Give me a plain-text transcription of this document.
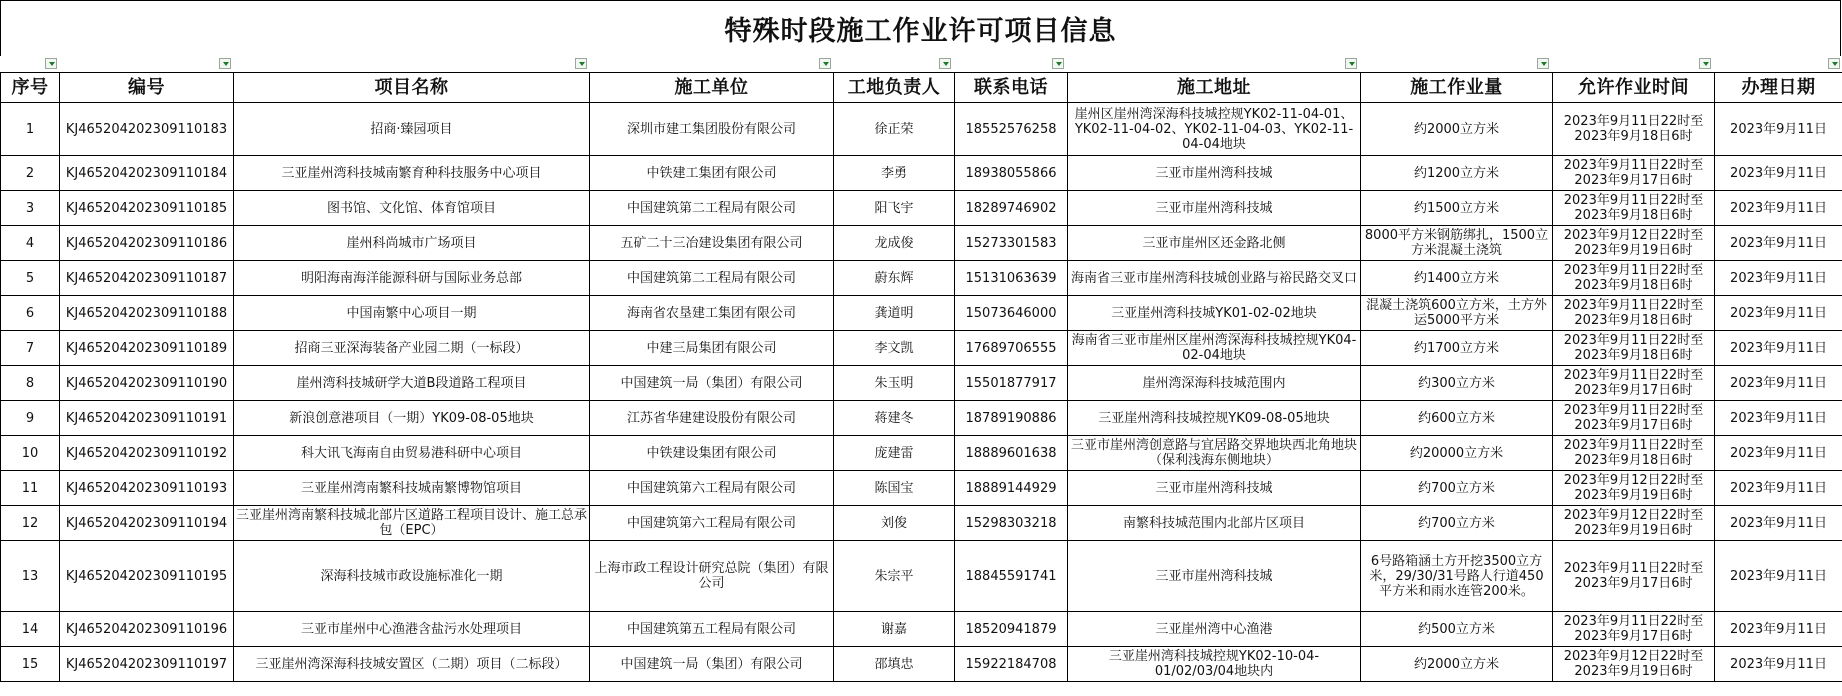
特殊时段施工作业许可项目信息
序号	编号	项目名称	施工单位	工地负责人	联系电话	施工地址	施工作业量	允许作业时间	办理日期
1	KJ465204202309110183	招商·臻园项目	深圳市建工集团股份有限公司	徐正荣	18552576258	崖州区崖州湾深海科技城控规YK02-11-04-01、YK02-11-04-02、YK02-11-04-03、YK02-11-04-04地块	约2000立方米	2023年9月11日22时至2023年9月18日6时	2023年9月11日
2	KJ465204202309110184	三亚崖州湾科技城南繁育种科技服务中心项目	中铁建工集团有限公司	李勇	18938055866	三亚市崖州湾科技城	约1200立方米	2023年9月11日22时至2023年9月17日6时	2023年9月11日
3	KJ465204202309110185	图书馆、文化馆、体育馆项目	中国建筑第二工程局有限公司	阳飞宇	18289746902	三亚市崖州湾科技城	约1500立方米	2023年9月11日22时至2023年9月18日6时	2023年9月11日
4	KJ465204202309110186	崖州科尚城市广场项目	五矿二十三冶建设集团有限公司	龙成俊	15273301583	三亚市崖州区还金路北侧	8000平方米钢筋绑扎，1500立方米混凝土浇筑	2023年9月12日22时至2023年9月19日6时	2023年9月11日
5	KJ465204202309110187	明阳海南海洋能源科研与国际业务总部	中国建筑第二工程局有限公司	蔚东辉	15131063639	海南省三亚市崖州湾科技城创业路与裕民路交叉口	约1400立方米	2023年9月11日22时至2023年9月18日6时	2023年9月11日
6	KJ465204202309110188	中国南繁中心项目一期	海南省农垦建工集团有限公司	龚道明	15073646000	三亚崖州湾科技城YK01-02-02地块	混凝土浇筑600立方米，土方外运5000平方米	2023年9月11日22时至2023年9月18日6时	2023年9月11日
7	KJ465204202309110189	招商三亚深海装备产业园二期（一标段）	中建三局集团有限公司	李文凯	17689706555	海南省三亚市崖州区崖州湾深海科技城控规YK04-02-04地块	约1700立方米	2023年9月11日22时至2023年9月18日6时	2023年9月11日
8	KJ465204202309110190	崖州湾科技城研学大道B段道路工程项目	中国建筑一局（集团）有限公司	朱玉明	15501877917	崖州湾深海科技城范围内	约300立方米	2023年9月11日22时至2023年9月17日6时	2023年9月11日
9	KJ465204202309110191	新浪创意港项目（一期）YK09-08-05地块	江苏省华建建设股份有限公司	蒋建冬	18789190886	三亚崖州湾科技城控规YK09-08-05地块	约600立方米	2023年9月11日22时至2023年9月17日6时	2023年9月11日
10	KJ465204202309110192	科大讯飞海南自由贸易港科研中心项目	中铁建设集团有限公司	庞建雷	18889601638	三亚市崖州湾创意路与宜居路交界地块西北角地块（保利浅海东侧地块）	约20000立方米	2023年9月11日22时至2023年9月18日6时	2023年9月11日
11	KJ465204202309110193	三亚崖州湾南繁科技城南繁博物馆项目	中国建筑第六工程局有限公司	陈国宝	18889144929	三亚市崖州湾科技城	约700立方米	2023年9月12日22时至2023年9月19日6时	2023年9月11日
12	KJ465204202309110194	三亚崖州湾南繁科技城北部片区道路工程项目设计、施工总承包（EPC）	中国建筑第六工程局有限公司	刘俊	15298303218	南繁科技城范围内北部片区项目	约700立方米	2023年9月12日22时至2023年9月19日6时	2023年9月11日
13	KJ465204202309110195	深海科技城市政设施标准化一期	上海市政工程设计研究总院（集团）有限公司	朱宗平	18845591741	三亚市崖州湾科技城	6号路箱涵土方开挖3500立方米，29/30/31号路人行道450平方米和雨水连管200米。	2023年9月11日22时至2023年9月17日6时	2023年9月11日
14	KJ465204202309110196	三亚市崖州中心渔港含盐污水处理项目	中国建筑第五工程局有限公司	谢嘉	18520941879	三亚崖州湾中心渔港	约500立方米	2023年9月11日22时至2023年9月17日6时	2023年9月11日
15	KJ465204202309110197	三亚崖州湾深海科技城安置区（二期）项目（二标段）	中国建筑一局（集团）有限公司	邵填忠	15922184708	三亚崖州湾科技城控规YK02-10-04-01/02/03/04地块内	约2000立方米	2023年9月12日22时至2023年9月19日6时	2023年9月11日
